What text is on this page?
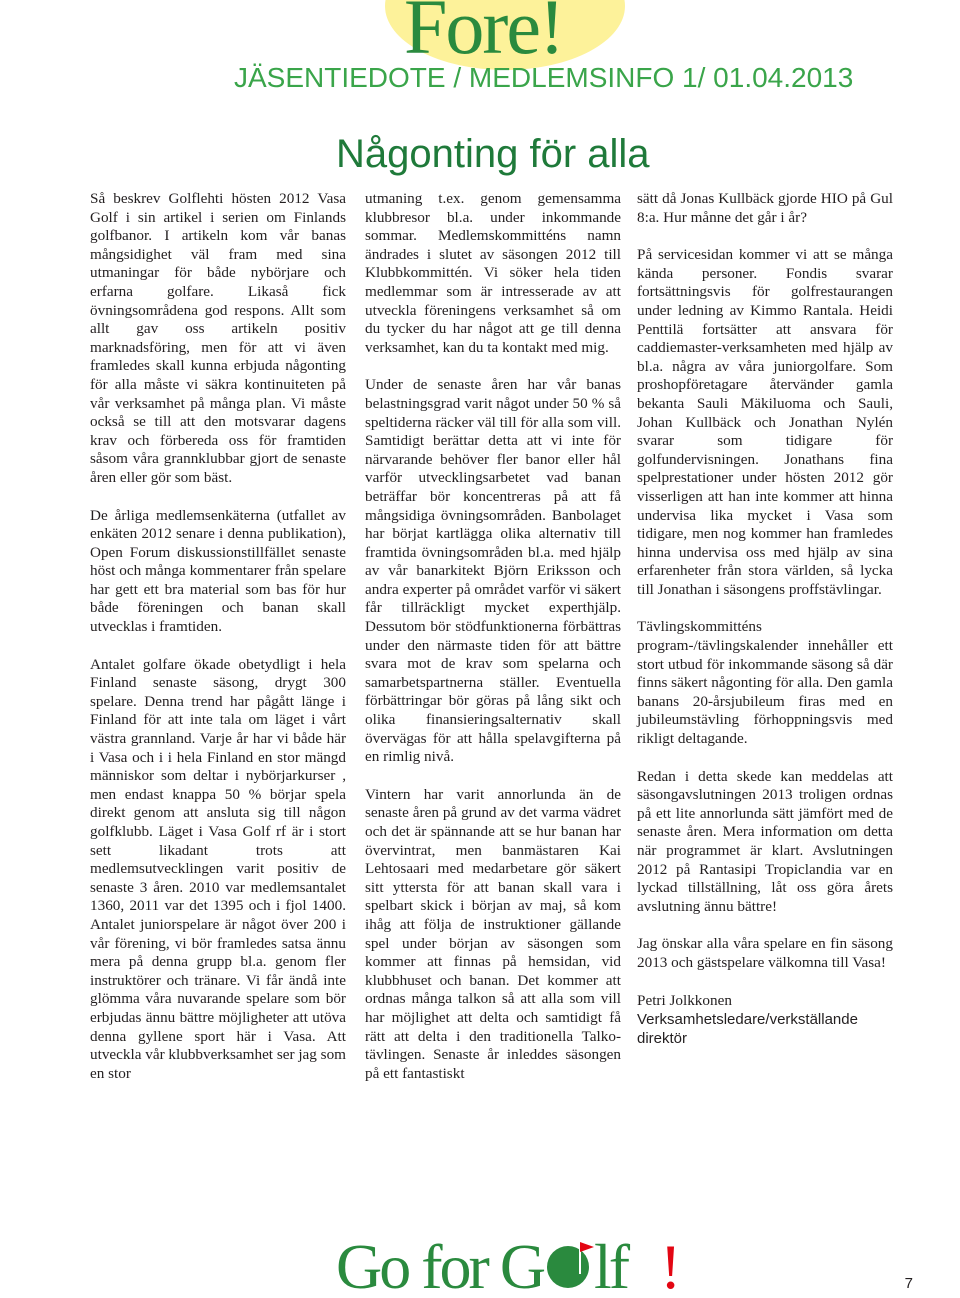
Fore!
JÄSENTIEDOTE / MEDLEMSINFO 1/ 01.04.2013
Någonting för alla

Så beskrev Golflehti hösten 2012 Vasa Golf i sin artikel i serien om Finlands golfbanor. I artikeln kom vår banas mångsidighet väl fram med sina utmaningar för både nybörjare och erfarna golfare. Likaså fick övningsområdena god respons. Allt som allt gav oss artikeln positiv marknadsföring, men för att vi även framledes skall kunna erbjuda någonting för alla måste vi säkra kontinuiteten på vår verksamhet på många plan. Vi måste också se till att den motsvarar dagens krav och förbereda oss för framtiden såsom våra grannklubbar gjort de senaste åren eller gör som bäst.

De årliga medlemsenkäterna (utfallet av enkäten 2012 senare i denna publikation), Open Forum diskussionstillfället senaste höst och många kommentarer från spelare har gett ett bra material som bas för hur både föreningen och banan skall utvecklas i framtiden.

Antalet golfare ökade obetydligt i hela Finland senaste säsong, drygt 300 spelare. Denna trend har pågått länge i Finland för att inte tala om läget i vårt västra grannland. Varje år har vi både här i Vasa och i i hela Finland en stor mängd människor som deltar i nybörjarkurser , men endast knappa 50 % börjar spela direkt genom att ansluta sig till någon golfklubb. Läget i Vasa Golf rf är i stort sett likadant trots att medlemsutvecklingen varit positiv de senaste 3 åren. 2010 var medlemsantalet 1360, 2011 var det 1395 och i fjol 1400. Antalet juniorspelare är något över 200 i vår förening, vi bör framledes satsa ännu mera på denna grupp bl.a. genom fler instruktörer och tränare. Vi får ändå inte glömma våra nuvarande spelare som bör erbjudas ännu bättre möjligheter att utöva denna gyllene sport här i Vasa. Att utveckla vår klubbverksamhet ser jag som en stor

utmaning t.ex. genom gemensamma klubbresor bl.a. under inkommande sommar. Medlemskommitténs namn ändrades i slutet av säsongen 2012 till Klubbkommittén. Vi söker hela tiden medlemmar som är intresserade av att utveckla föreningens verksamhet så om du tycker du har något att ge till denna verksamhet, kan du ta kontakt med mig.

Under de senaste åren har vår banas belastningsgrad varit något under 50 % så speltiderna räcker väl till för alla som vill. Samtidigt berättar detta att vi inte för närvarande behöver fler banor eller hål varför utvecklingsarbetet vad banan beträffar bör koncentreras på att få mångsidiga övningsområden. Banbolaget har börjat kartlägga olika alternativ till framtida övningsområden bl.a. med hjälp av vår banarkitekt Björn Eriksson och andra experter på området varför vi säkert får tillräckligt mycket experthjälp. Dessutom bör stödfunktionerna förbättras under den närmaste tiden för att bättre svara mot de krav som spelarna och samarbetspartnerna ställer. Eventuella förbättringar bör göras på lång sikt och olika finansieringsalternativ skall övervägas för att hålla spelavgifterna på en rimlig nivå.

Vintern har varit annorlunda än de senaste åren på grund av det varma vädret och det är spännande att se hur banan har övervintrat, men banmästaren Kai Lehtosaari med medarbetare gör säkert sitt yttersta för att banan skall vara i spelbart skick i början av maj, så kom ihåg att följa de instruktioner gällande spel under början av säsongen som kommer att finnas på hemsidan, vid klubbhuset och banan. Det kommer att ordnas många talkon så att alla som vill har möjlighet att delta och samtidigt få rätt att delta i den traditionella Talko-tävlingen. Senaste år inleddes säsongen på ett fantastiskt

sätt då Jonas Kullbäck gjorde HIO på Gul 8:a. Hur månne det går i år?

På servicesidan kommer vi att se många kända personer. Fondis svarar fortsättningsvis för golfrestaurangen under ledning av Kimmo Rantala. Heidi Penttilä fortsätter att ansvara för caddiemaster-verksamheten med hjälp av bl.a. några av våra juniorgolfare. Som proshopföretagare återvänder gamla bekanta Sauli Mäkiluoma och Sauli, Johan Kullbäck och Jonathan Nylén svarar som tidigare för golfundervisningen. Jonathans fina spelprestationer under hösten 2012 gör visserligen att han inte kommer att hinna undervisa lika mycket i Vasa som tidigare, men nog kommer han framledes hinna undervisa oss med hjälp av sina erfarenheter från stora världen, så lycka till Jonathan i säsongens proffstävlingar.

Tävlingskommitténs program-/tävlingskalender innehåller ett stort utbud för inkommande säsong så där finns säkert någonting för alla. Den gamla banans 20-årsjubileum firas med en jubileumstävling förhoppningsvis med rikligt deltagande.

Redan i detta skede kan meddelas att säsongavslutningen 2013 troligen ordnas på ett lite annorlunda sätt jämfört med de senaste åren. Mera information om detta när programmet är klart. Avslutningen 2012 på Rantasipi Tropiclandia var en lyckad tillställning, låt oss göra årets avslutning ännu bättre!

Jag önskar alla våra spelare en fin säsong 2013 och gästspelare välkomna till Vasa!

Petri Jolkkonen

Verksamhetsledare/verkställande direktör

Go for G lf !	7
